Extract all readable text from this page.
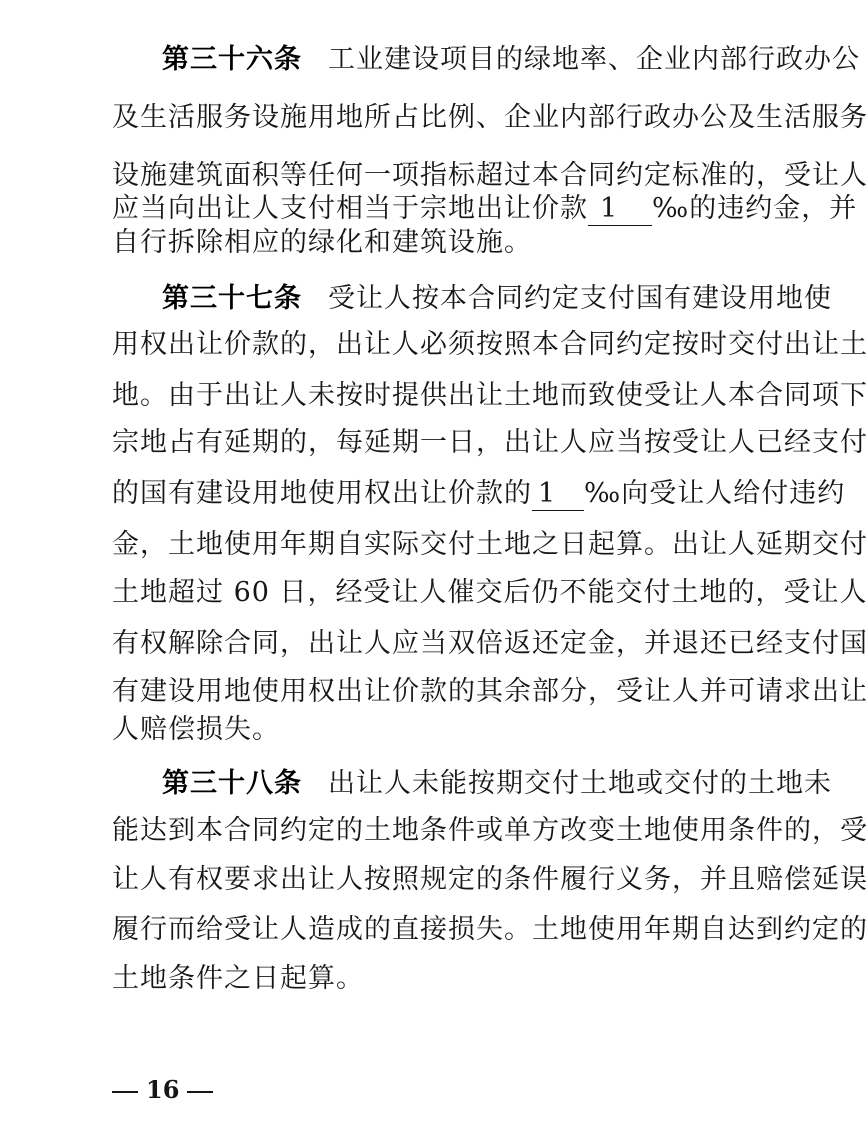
第三十六条 工业建设项目的绿地率、企业内部行政办公
及生活服务设施用地所占比例、企业内部行政办公及生活服务
设施建筑面积等任何一项指标超过本合同约定标准的，受让人
应当向出让人支付相当于宗地出让价款 1 ‰的违约金，并
自行拆除相应的绿化和建筑设施。
第三十七条 受让人按本合同约定支付国有建设用地使
用权出让价款的，出让人必须按照本合同约定按时交付出让土
地。由于出让人未按时提供出让土地而致使受让人本合同项下
宗地占有延期的，每延期一日，出让人应当按受让人已经支付
的国有建设用地使用权出让价款的 1 ‰向受让人给付违约
金，土地使用年期自实际交付土地之日起算。出让人延期交付
土地超过 60 日，经受让人催交后仍不能交付土地的，受让人
有权解除合同，出让人应当双倍返还定金，并退还已经支付国
有建设用地使用权出让价款的其余部分，受让人并可请求出让
人赔偿损失。
第三十八条 出让人未能按期交付土地或交付的土地未
能达到本合同约定的土地条件或单方改变土地使用条件的，受
让人有权要求出让人按照规定的条件履行义务，并且赔偿延误
履行而给受让人造成的直接损失。土地使用年期自达到约定的
土地条件之日起算。
16
